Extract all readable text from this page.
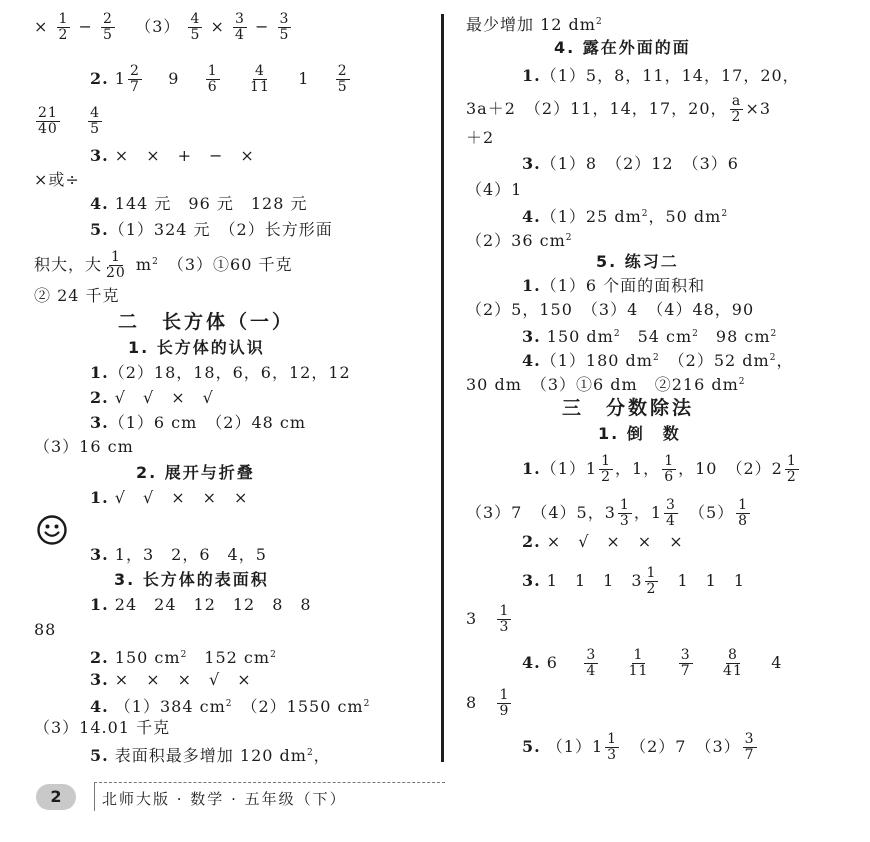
× $\frac{1}{2} - \frac{2}{5} (3) \frac{4}{5} \times \frac{3}{4} - \frac{3}{5}$
2. $1 \frac{2}{7} 9 \frac{1}{6}$
$\frac{4}{11} 1 \frac{2}{5}$
$\frac{21}{40}$
$\frac{4}{5}$
3. ×　×　+　−　×
×或÷
4. 144 元　96 元　128 元
5.（1）324 元　（2）长方形面
积大，大 $\frac{1}{20} m^2$　（3）①60 千克
② 24 千克
二　长方体（一）
1. 长方体的认识
1.（2）18，18，6，6，12，12
2. √　√　×　√
3.（1）6 cm　（2）48 cm
（3）16 cm
2. 展开与折叠
1. √　√　×　×　×
3. 1，3　2，6　4，5
3. 长方体的表面积
1. 24　24　12　12　8　8
88
2. 150 $cm^2$　152 $cm^2$
3. ×　×　×　√　×
4. （1）384 $cm^2$　（2）1550 $cm^2$
（3）14.01 千克
5. 表面积最多增加 120 $dm^2$，
最少增加 12 $dm^2$
4. 露在外面的面
1.（1）5，8，11，14，17，20，
3a＋2　（2）11，14，17，20， $\frac{a}{2} \times 3$
＋2
3.（1）8　（2）12　（3）6
（4）1
4.（1）25 $dm^2$，50 $dm^2$
（2）36 $cm^2$
5. 练习二
1.（1）6 个面的面积和
（2）5，150　（3）4　（4）48，90
3. 150 $dm^2$　54 $cm^2$　98 $cm^2$
4.（1）180 $dm^2$　（2）52 $dm^2$，
30 dm　（3）①6 dm　②216 $dm^2$
三　分数除法
1. 倒　数
$1.(1)1 \frac{1}{2}$ ，1， $\frac{1}{6}$ ，10　$(2)2 \frac{1}{2}$
（3）7　（4）5，$3 \frac{1}{3}$ ，$1 \frac{3}{4}$ 　$(5) \frac{1}{8}$
2. ×　√　×　×　×
3. 1　1　1　$3 \frac{1}{2}$ 　1　1　1
$3 \frac{1}{3}$
4. $6 \frac{3}{4}$
$\frac{1}{11}$
$\frac{3}{7}$
$\frac{8}{41} 4$
$8 \frac{1}{9}$
5. $(1)1 \frac{1}{3}$ 　（2）7　$(3) \frac{3}{7}$
2	北师大版 · 数学 · 五年级（下）
